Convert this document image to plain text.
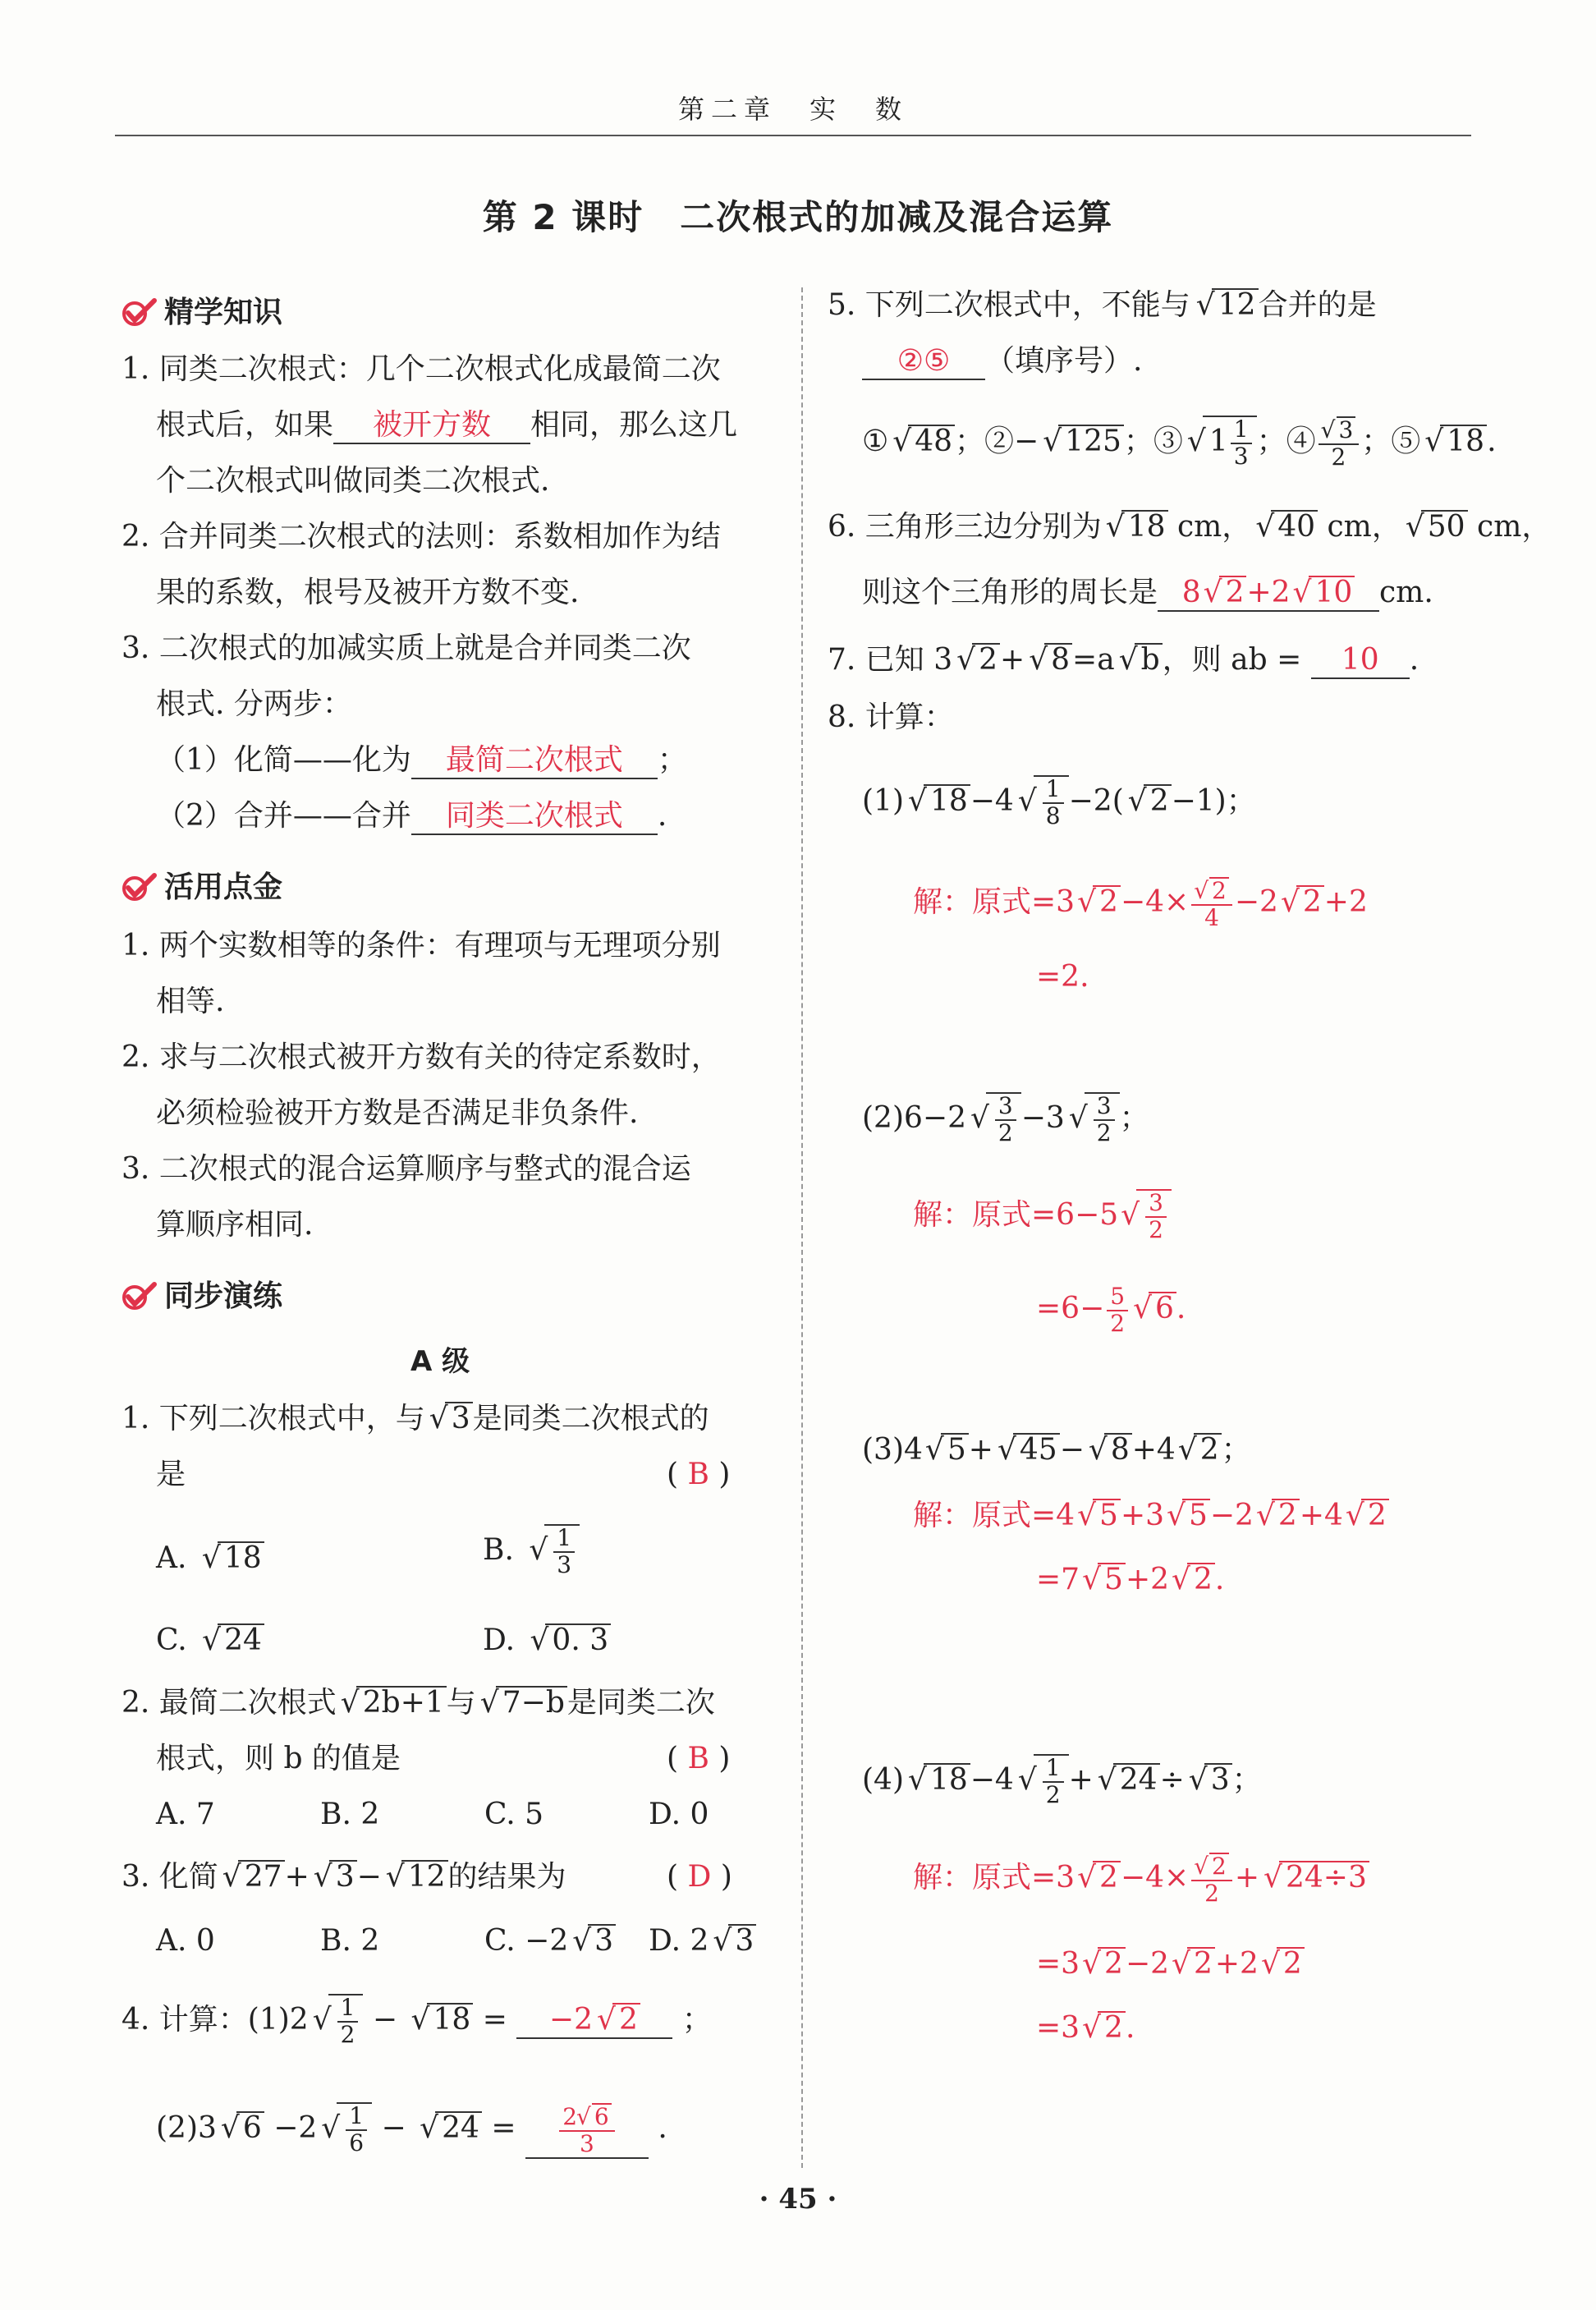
第二章　实　数
第 2 课时　二次根式的加减及混合运算
精学知识
1. 同类二次根式：几个二次根式化成最简二次
根式后，如果 被开方数 相同，那么这几
个二次根式叫做同类二次根式.
2. 合并同类二次根式的法则：系数相加作为结
果的系数，根号及被开方数不变.
3. 二次根式的加减实质上就是合并同类二次
根式. 分两步：
（1）化简——化为 最简二次根式 ；
（2）合并——合并 同类二次根式 .
活用点金
1. 两个实数相等的条件：有理项与无理项分别
相等.
2. 求与二次根式被开方数有关的待定系数时，
必须检验被开方数是否满足非负条件.
3. 二次根式的混合运算顺序与整式的混合运
算顺序相同.
同步演练
A 级
1. 下列二次根式中，与√ 3是同类二次根式的
是	( B )
A. √ 18	B.
√ $\frac{1}{3}$
C. √ 24	D. √ 0. 3
2. 最简二次根式√ 2b+1与√ 7−b是同类二次
根式，则 b 的值是	( B )
A. 7	B. 2	C. 5	D. 0
3. 化简√ 27+√ 3−√ 12的结果为	( D )
A. 0	B. 2	C. −2√ 3 D. 2√ 3
4. 计算：(1)2
√ $\frac{1}{2}$ − √ 18 = −2√ 2 ；
(2)3√ 6 −2
√ $\frac{1}{6}$ − √ $24 = \frac{2√ 6}{3}$ .
5. 下列二次根式中，不能与√ 12合并的是
②⑤ （填序号）.
①√ 48；②−√ 125；③√ $1 \frac{1}{3}$ ；④
√ $\frac{3}{2}$ ；⑤√ 18.
6. 三角形三边分别为√ 18 cm，√ 40 cm，√ 50 cm，
则这个三角形的周长是 8√ 2+2√ 10 cm.
7. 已知 3√ 2+√ 8=a√ b，则 ab = 10 .
8. 计算：
(1)√ 18−4
√ $\frac{1}{8} -2(√$ 2−1)；
解：原式=3√ 2−4×
√ $\frac{2}{4} -2√$ 2+2
=2.
(2)6−2
√ $\frac{3}{2} -3$
√ $\frac{3}{2}$ ；
解：原式=6−5
√ $\frac{3}{2}$
$=6- \frac{5}{2}$
√ 6.
(3)4√ 5+√ 45−√ 8+4√ 2；
解：原式=4√ 5+3√ 5−2√ 2+4√ 2
=7√ 5+2√ 2.
(4)√ 18−4
√ $\frac{1}{2}$ +√ 24÷√ 3；
解：原式=3√ 2−4×
√ $\frac{2}{2}$ +√ 24÷3
=3√ 2−2√ 2+2√ 2
=3√ 2.
· 45 ·
